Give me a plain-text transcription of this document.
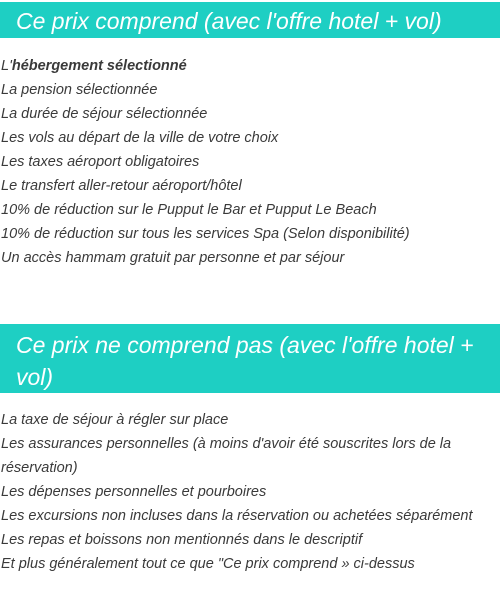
Ce prix comprend (avec l'offre hotel + vol)
L'hébergement sélectionné
La pension sélectionnée
La durée de séjour sélectionnée
Les vols au départ de la ville de votre choix
Les taxes aéroport obligatoires
Le transfert aller-retour aéroport/hôtel
10% de réduction sur le Pupput le Bar et Pupput Le Beach
10% de réduction sur tous les services Spa (Selon disponibilité)
Un accès hammam gratuit par personne et par séjour
Ce prix ne comprend pas (avec l'offre hotel + vol)
La taxe de séjour à régler sur place
Les assurances personnelles (à moins d'avoir été souscrites lors de la réservation)
Les dépenses personnelles et pourboires
Les excursions non incluses dans la réservation ou achetées séparément
Les repas et boissons non mentionnés dans le descriptif
Et plus généralement tout ce que "Ce prix comprend » ci-dessus
